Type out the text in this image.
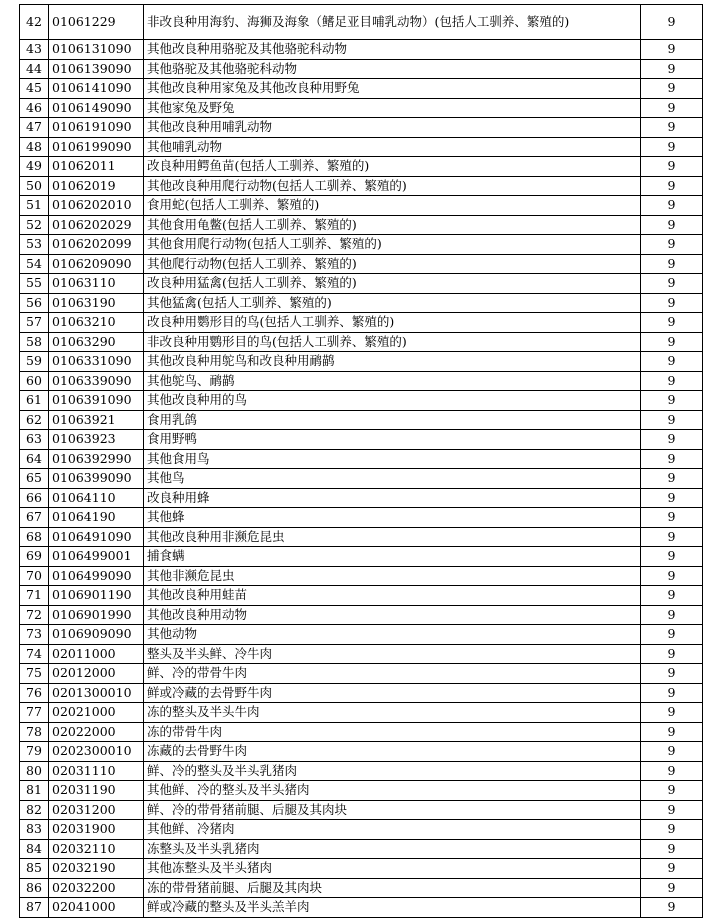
42	01061229	非改良种用海豹、海狮及海象（鳍足亚目哺乳动物）(包括人工驯养、繁殖的)	9
43	0106131090	其他改良种用骆驼及其他骆驼科动物	9
44	0106139090	其他骆驼及其他骆驼科动物	9
45	0106141090	其他改良种用家兔及其他改良种用野兔	9
46	0106149090	其他家兔及野兔	9
47	0106191090	其他改良种用哺乳动物	9
48	0106199090	其他哺乳动物	9
49	01062011	改良种用鳄鱼苗(包括人工驯养、繁殖的)	9
50	01062019	其他改良种用爬行动物(包括人工驯养、繁殖的)	9
51	0106202010	食用蛇(包括人工驯养、繁殖的)	9
52	0106202029	其他食用龟鳖(包括人工驯养、繁殖的)	9
53	0106202099	其他食用爬行动物(包括人工驯养、繁殖的)	9
54	0106209090	其他爬行动物(包括人工驯养、繁殖的)	9
55	01063110	改良种用猛禽(包括人工驯养、繁殖的)	9
56	01063190	其他猛禽(包括人工驯养、繁殖的)	9
57	01063210	改良种用鹦形目的鸟(包括人工驯养、繁殖的)	9
58	01063290	非改良种用鹦形目的鸟(包括人工驯养、繁殖的)	9
59	0106331090	其他改良种用鸵鸟和改良种用鸸鹋	9
60	0106339090	其他鸵鸟、鸸鹋	9
61	0106391090	其他改良种用的鸟	9
62	01063921	食用乳鸽	9
63	01063923	食用野鸭	9
64	0106392990	其他食用鸟	9
65	0106399090	其他鸟	9
66	01064110	改良种用蜂	9
67	01064190	其他蜂	9
68	0106491090	其他改良种用非濒危昆虫	9
69	0106499001	捕食螨	9
70	0106499090	其他非濒危昆虫	9
71	0106901190	其他改良种用蛙苗	9
72	0106901990	其他改良种用动物	9
73	0106909090	其他动物	9
74	02011000	整头及半头鲜、冷牛肉	9
75	02012000	鲜、冷的带骨牛肉	9
76	0201300010	鲜或冷藏的去骨野牛肉	9
77	02021000	冻的整头及半头牛肉	9
78	02022000	冻的带骨牛肉	9
79	0202300010	冻藏的去骨野牛肉	9
80	02031110	鲜、冷的整头及半头乳猪肉	9
81	02031190	其他鲜、冷的整头及半头猪肉	9
82	02031200	鲜、冷的带骨猪前腿、后腿及其肉块	9
83	02031900	其他鲜、冷猪肉	9
84	02032110	冻整头及半头乳猪肉	9
85	02032190	其他冻整头及半头猪肉	9
86	02032200	冻的带骨猪前腿、后腿及其肉块	9
87	02041000	鲜或冷藏的整头及半头羔羊肉	9
